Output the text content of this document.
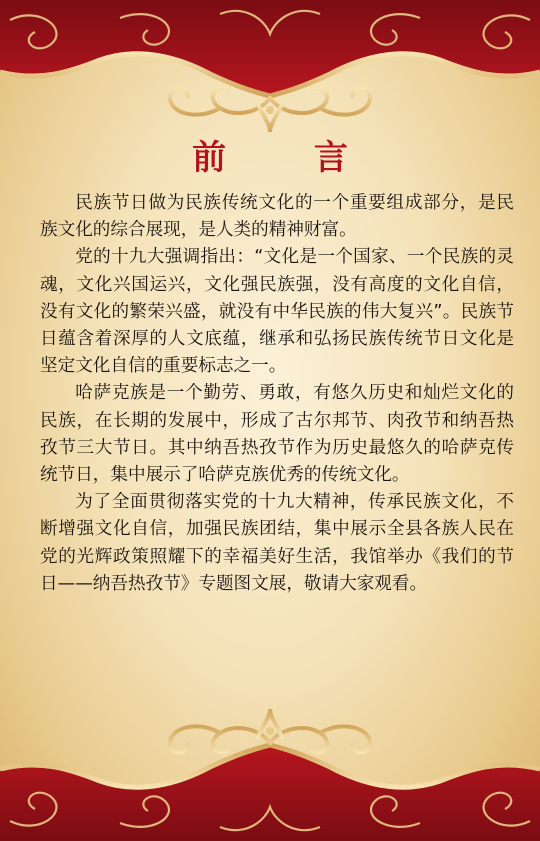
前 言

民族节日做为民族传统文化的一个重要组成部分，是民族文化的综合展现，是人类的精神财富。

党的十九大强调指出：“文化是一个国家、一个民族的灵魂，文化兴国运兴，文化强民族强，没有高度的文化自信，没有文化的繁荣兴盛，就没有中华民族的伟大复兴”。民族节日蕴含着深厚的人文底蕴，继承和弘扬民族传统节日文化是坚定文化自信的重要标志之一。

哈萨克族是一个勤劳、勇敢，有悠久历史和灿烂文化的民族，在长期的发展中，形成了古尔邦节、肉孜节和纳吾热孜节三大节日。其中纳吾热孜节作为历史最悠久的哈萨克传统节日，集中展示了哈萨克族优秀的传统文化。

为了全面贯彻落实党的十九大精神，传承民族文化，不断增强文化自信，加强民族团结，集中展示全县各族人民在党的光辉政策照耀下的幸福美好生活，我馆举办《我们的节日——纳吾热孜节》专题图文展，敬请大家观看。
